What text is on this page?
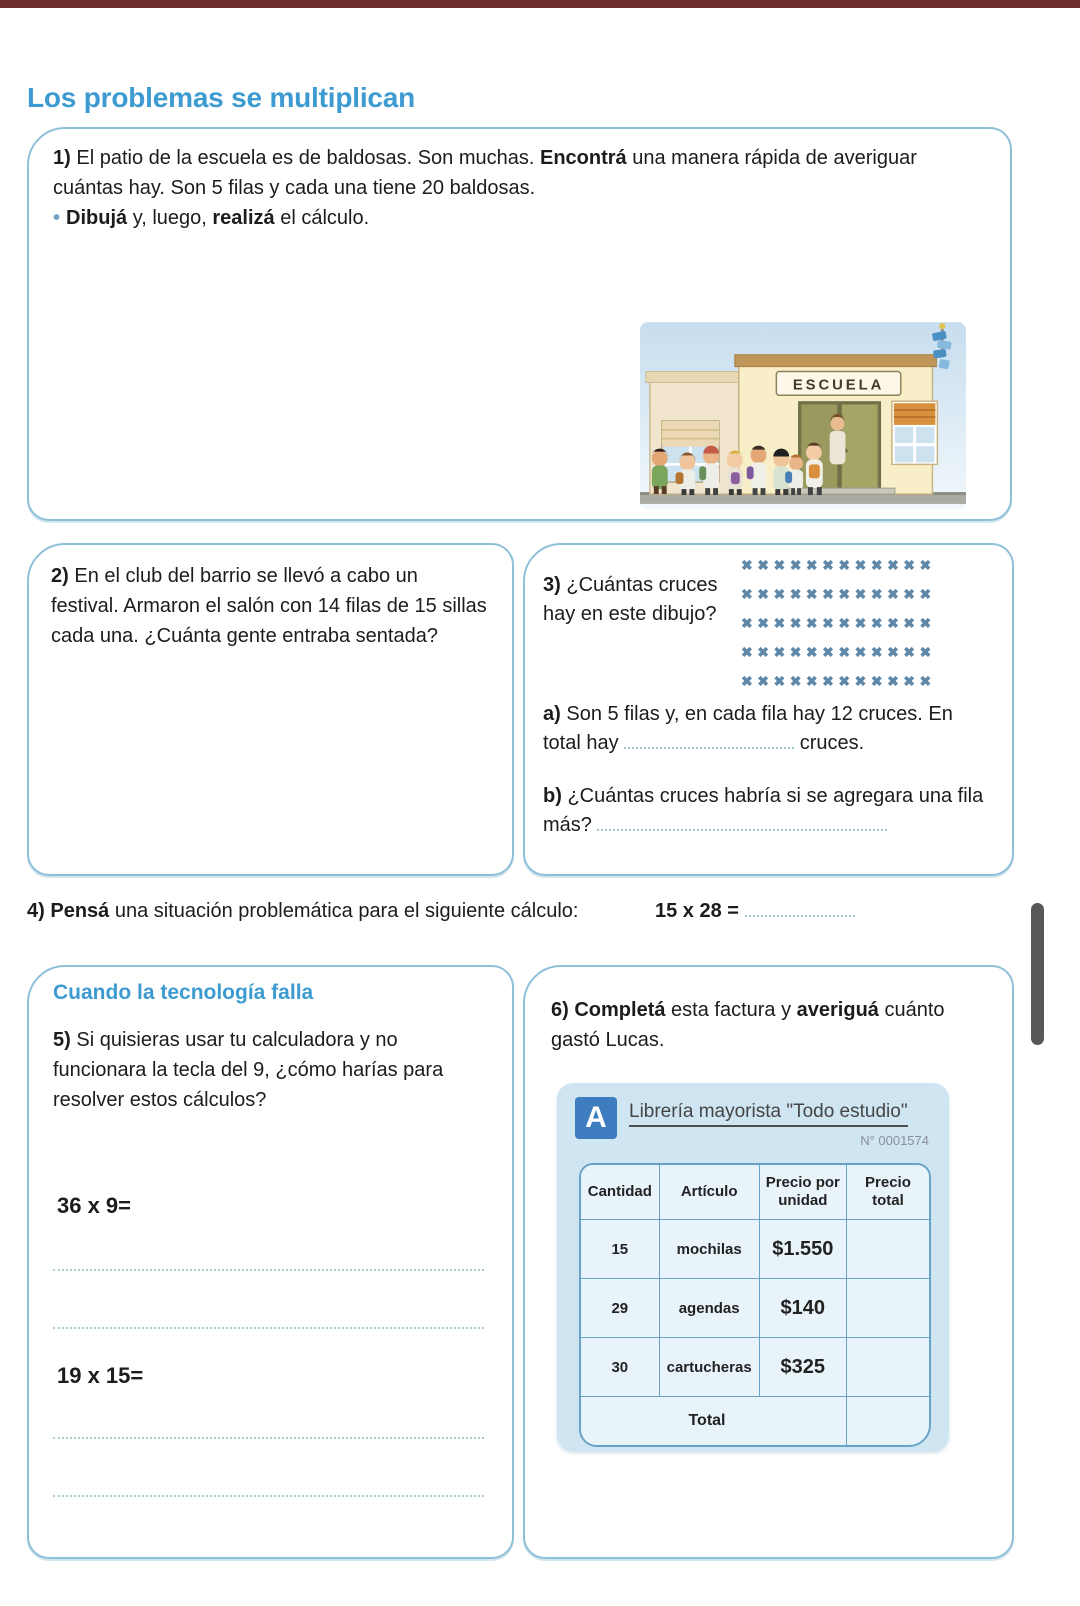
Los problemas se multiplican
1) El patio de la escuela es de baldosas. Son muchas. Encontrá una manera rápida de averiguar cuántas hay. Son 5 filas y cada una tiene 20 baldosas.
• Dibujá y, luego, realizá el cálculo.
ESCUELA
2) En el club del barrio se llevó a cabo un festival. Armaron el salón con 14 filas de 15 sillas cada una. ¿Cuánta gente entraba sentada?
3) ¿Cuántas cruces hay en este dibujo?
✖✖✖✖✖✖✖✖✖✖✖✖
✖✖✖✖✖✖✖✖✖✖✖✖
✖✖✖✖✖✖✖✖✖✖✖✖
✖✖✖✖✖✖✖✖✖✖✖✖
✖✖✖✖✖✖✖✖✖✖✖✖
a) Son 5 filas y, en cada fila hay 12 cruces. En total hay	cruces.
b) ¿Cuántas cruces habría si se agregara una fila más?
4) Pensá una situación problemática para el siguiente cálculo:	15 x 28 =
Cuando la tecnología falla
5) Si quisieras usar tu calculadora y no funcionara la tecla del 9, ¿cómo harías para resolver estos cálculos?
36 x 9=
19 x 15=
6) Completá esta factura y averiguá cuánto gastó Lucas.
A	Librería mayorista "Todo estudio"
N° 0001574
Cantidad	Artículo	Precio por unidad	Precio total
15	mochilas	$1.550	
29	agendas	$140	
30	cartucheras	$325	
Total			
